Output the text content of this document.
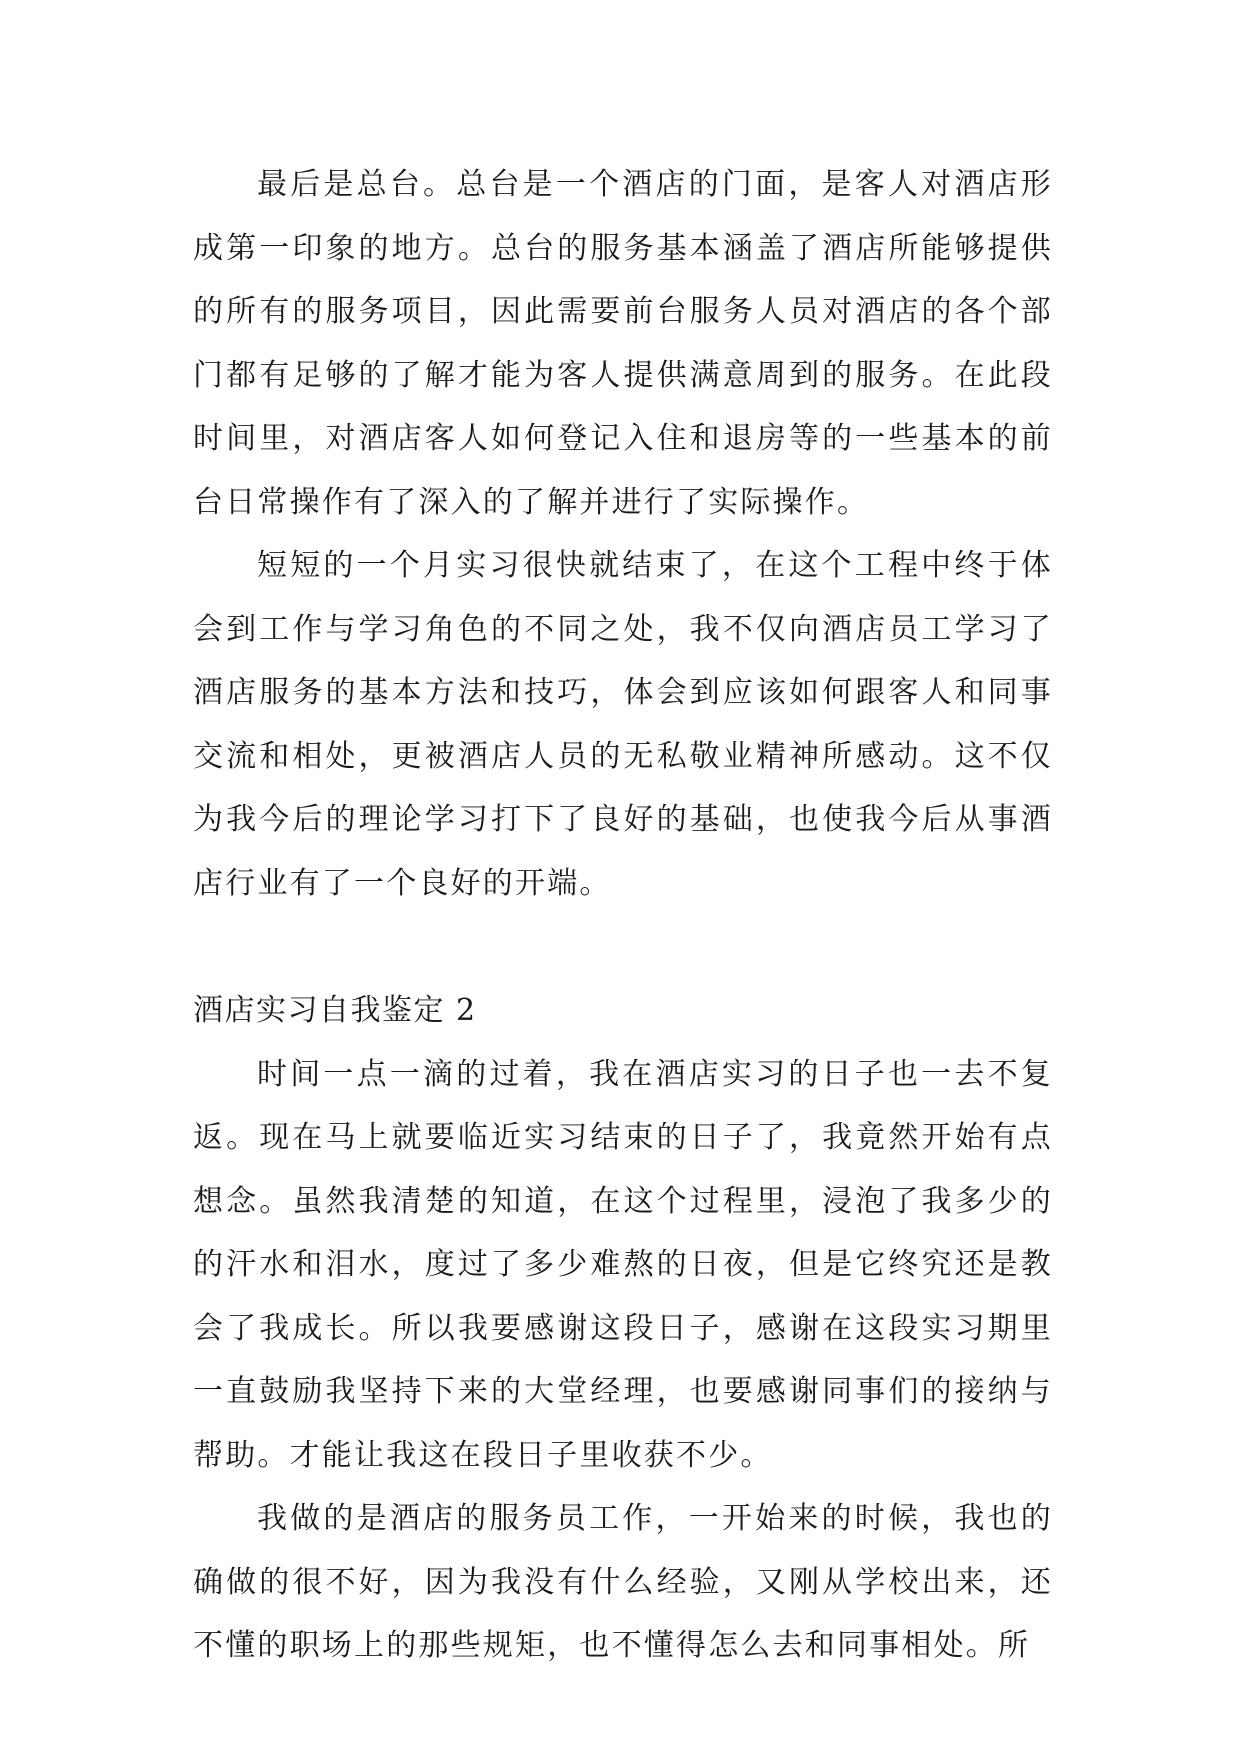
最后是总台。总台是一个酒店的门面，是客人对酒店形成第一印象的地方。总台的服务基本涵盖了酒店所能够提供的所有的服务项目，因此需要前台服务人员对酒店的各个部门都有足够的了解才能为客人提供满意周到的服务。在此段时间里，对酒店客人如何登记入住和退房等的一些基本的前台日常操作有了深入的了解并进行了实际操作。

短短的一个月实习很快就结束了，在这个工程中终于体会到工作与学习角色的不同之处，我不仅向酒店员工学习了酒店服务的基本方法和技巧，体会到应该如何跟客人和同事交流和相处，更被酒店人员的无私敬业精神所感动。这不仅为我今后的理论学习打下了良好的基础，也使我今后从事酒店行业有了一个良好的开端。

酒店实习自我鉴定 2

时间一点一滴的过着，我在酒店实习的日子也一去不复返。现在马上就要临近实习结束的日子了，我竟然开始有点想念。虽然我清楚的知道，在这个过程里，浸泡了我多少的的汗水和泪水，度过了多少难熬的日夜，但是它终究还是教会了我成长。所以我要感谢这段日子，感谢在这段实习期里一直鼓励我坚持下来的大堂经理，也要感谢同事们的接纳与帮助。才能让我这在段日子里收获不少。

我做的是酒店的服务员工作，一开始来的时候，我也的确做的很不好，因为我没有什么经验，又刚从学校出来，还不懂的职场上的那些规矩，也不懂得怎么去和同事相处。所
